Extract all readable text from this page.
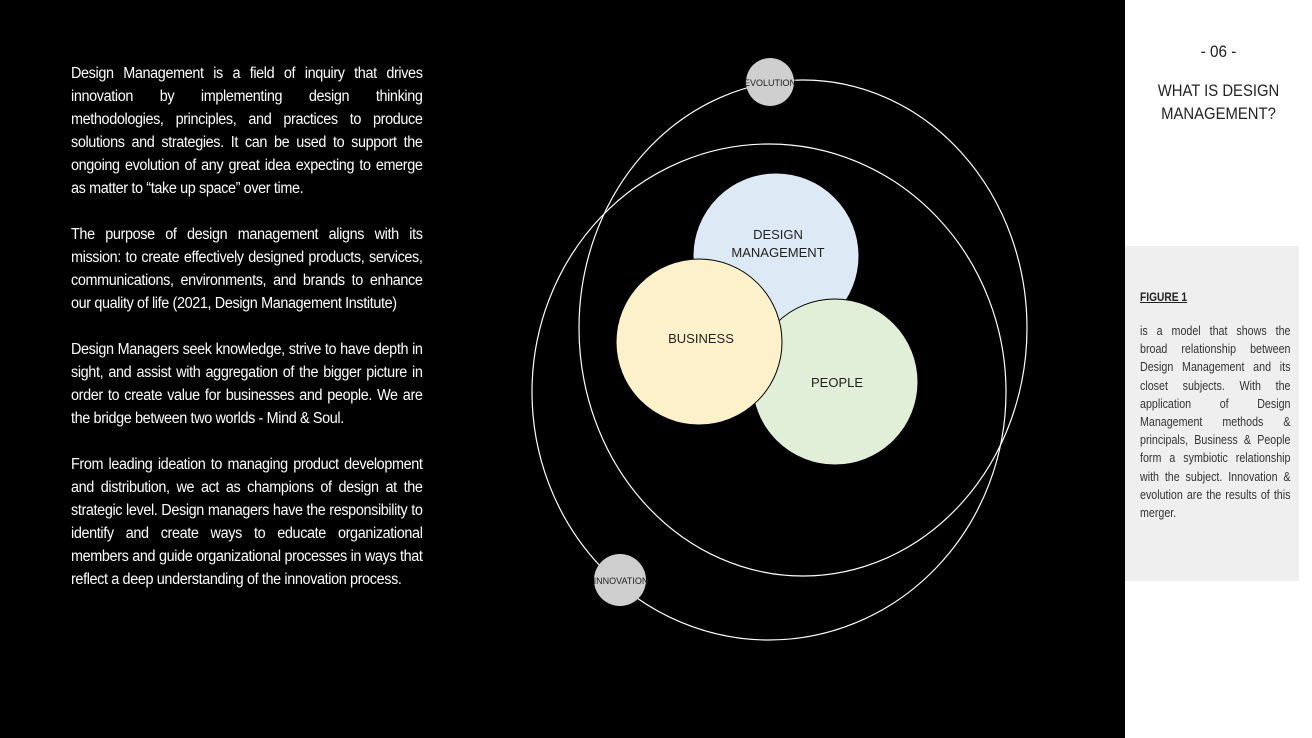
Design Management is a field of inquiry that drives innovation by implementing design thinking methodologies, principles, and practices to produce solutions and strategies. It can be used to support the ongoing evolution of any great idea expecting to emerge as matter to “take up space” over time.

The purpose of design management aligns with its mission: to create effectively designed products, services, communications, environments, and brands to enhance our quality of life (2021, Design Management Institute)

Design Managers seek knowledge, strive to have depth in sight, and assist with aggregation of the bigger picture in order to create value for businesses and people. We are the bridge between two worlds - Mind & Soul.

From leading ideation to managing product development and distribution, we act as champions of design at the strategic level. Design managers have the responsibility to identify and create ways to educate organizational members and guide organizational processes in ways that reflect a deep understanding of the innovation process.

DESIGN
MANAGEMENT
BUSINESS
PEOPLE
EVOLUTION
INNOVATION
- 06 -
WHAT IS DESIGN
MANAGEMENT?
FIGURE 1
is a model that shows the broad relationship between Design Management and its closet subjects. With the application of Design Management methods & principals, Business & People form a symbiotic relationship with the subject. Innovation & evolution are the results of this merger.
